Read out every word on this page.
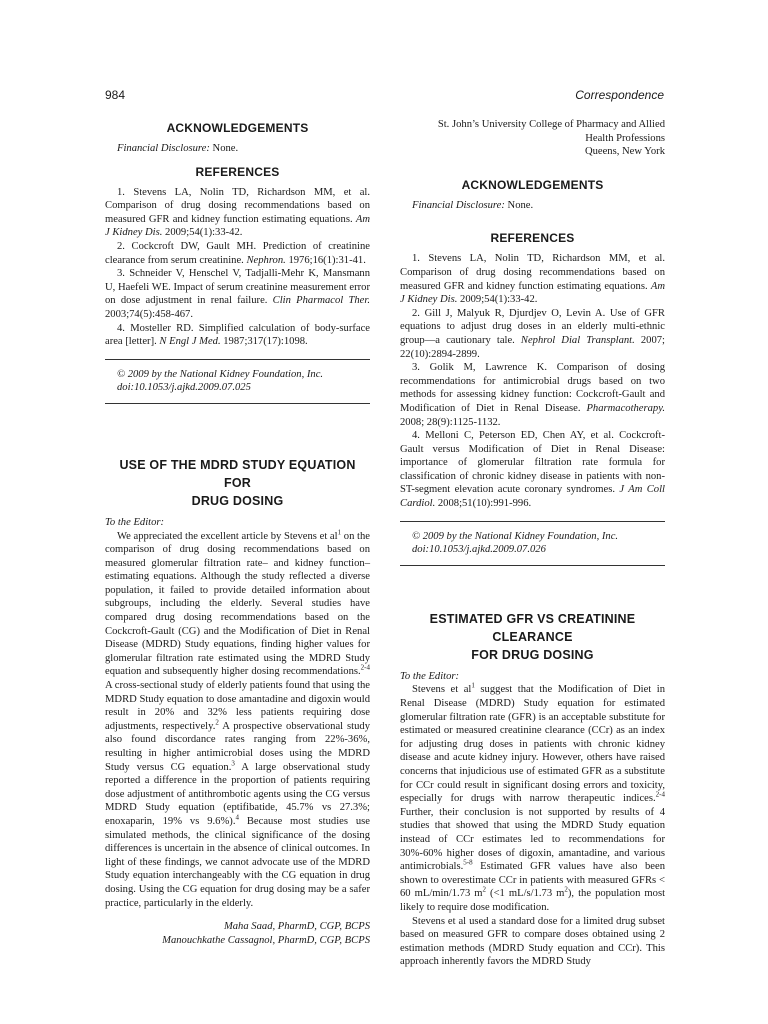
984	Correspondence
ACKNOWLEDGEMENTS
Financial Disclosure: None.
REFERENCES

1. Stevens LA, Nolin TD, Richardson MM, et al. Comparison of drug dosing recommendations based on measured GFR and kidney function estimating equations. Am J Kidney Dis. 2009;54(1):33-42.

2. Cockcroft DW, Gault MH. Prediction of creatinine clearance from serum creatinine. Nephron. 1976;16(1):31-41.

3. Schneider V, Henschel V, Tadjalli-Mehr K, Mansmann U, Haefeli WE. Impact of serum creatinine measurement error on dose adjustment in renal failure. Clin Pharmacol Ther. 2003;74(5):458-467.

4. Mosteller RD. Simplified calculation of body-surface area [letter]. N Engl J Med. 1987;317(17):1098.

© 2009 by the National Kidney Foundation, Inc.
doi:10.1053/j.ajkd.2009.07.025
USE OF THE MDRD STUDY EQUATION FOR
DRUG DOSING

To the Editor:

We appreciated the excellent article by Stevens et $al^1$ on the comparison of drug dosing recommendations based on measured glomerular filtration rate– and kidney function–estimating equations. Although the study reflected a diverse population, it failed to provide detailed information about subgroups, including the elderly. Several studies have compared drug dosing recommendations based on the Cockcroft-Gault (CG) and the Modification of Diet in Renal Disease (MDRD) Study equations, finding higher values for glomerular filtration rate estimated using the MDRD Study equation and subsequently higher dosing recommendations.$^{2-4}$ A cross-sectional study of elderly patients found that using the MDRD Study equation to dose amantadine and digoxin would result in 20% and 32% less patients requiring dose adjustments, respectively.$^2$ A prospective observational study also found discordance rates ranging from 22%-36%, resulting in higher antimicrobial doses using the MDRD Study versus CG equation.$^3$ A large observational study reported a difference in the proportion of patients requiring dose adjustment of antithrombotic agents using the CG versus MDRD Study equation (eptifibatide, 45.7% vs 27.3%; enoxaparin, 19% vs 9.6%).$^4$ Because most studies use simulated methods, the clinical significance of the dosing differences is uncertain in the absence of clinical outcomes. In light of these findings, we cannot advocate use of the MDRD Study equation interchangeably with the CG equation in drug dosing. Using the CG equation for drug dosing may be a safer practice, particularly in the elderly.

Maha Saad, PharmD, CGP, BCPS

Manouchkathe Cassagnol, PharmD, CGP, BCPS

St. John’s University College of Pharmacy and Allied

Health Professions

Queens, New York

ACKNOWLEDGEMENTS
Financial Disclosure: None.
REFERENCES

1. Stevens LA, Nolin TD, Richardson MM, et al. Comparison of drug dosing recommendations based on measured GFR and kidney function estimating equations. Am J Kidney Dis. 2009;54(1):33-42.

2. Gill J, Malyuk R, Djurdjev O, Levin A. Use of GFR equations to adjust drug doses in an elderly multi-ethnic group—a cautionary tale. Nephrol Dial Transplant. 2007; 22(10):2894-2899.

3. Golik M, Lawrence K. Comparison of dosing recommendations for antimicrobial drugs based on two methods for assessing kidney function: Cockcroft-Gault and Modification of Diet in Renal Disease. Pharmacotherapy. 2008; 28(9):1125-1132.

4. Melloni C, Peterson ED, Chen AY, et al. Cockcroft-Gault versus Modification of Diet in Renal Disease: importance of glomerular filtration rate formula for classification of chronic kidney disease in patients with non-ST-segment elevation acute coronary syndromes. J Am Coll Cardiol. 2008;51(10):991-996.

© 2009 by the National Kidney Foundation, Inc.
doi:10.1053/j.ajkd.2009.07.026
ESTIMATED GFR VS CREATININE CLEARANCE
FOR DRUG DOSING

To the Editor:

Stevens et $al^1$ suggest that the Modification of Diet in Renal Disease (MDRD) Study equation for estimated glomerular filtration rate (GFR) is an acceptable substitute for estimated or measured creatinine clearance (CCr) as an index for adjusting drug doses in patients with chronic kidney disease and acute kidney injury. However, others have raised concerns that injudicious use of estimated GFR as a substitute for CCr could result in significant dosing errors and toxicity, especially for drugs with narrow therapeutic indices.$^{2-4}$ Further, their conclusion is not supported by results of 4 studies that showed that using the MDRD Study equation instead of CCr estimates led to recommendations for 30%-60% higher doses of digoxin, amantadine, and various antimicrobials.$^{5-8}$ Estimated GFR values have also been shown to overestimate CCr in patients with measured GFRs < 60 mL/min/1.73 $m^2$ (<1 mL/s/1.73 $m^2$), the population most likely to require dose modification.

Stevens et al used a standard dose for a limited drug subset based on measured GFR to compare doses obtained using 2 estimation methods (MDRD Study equation and CCr). This approach inherently favors the MDRD Study
